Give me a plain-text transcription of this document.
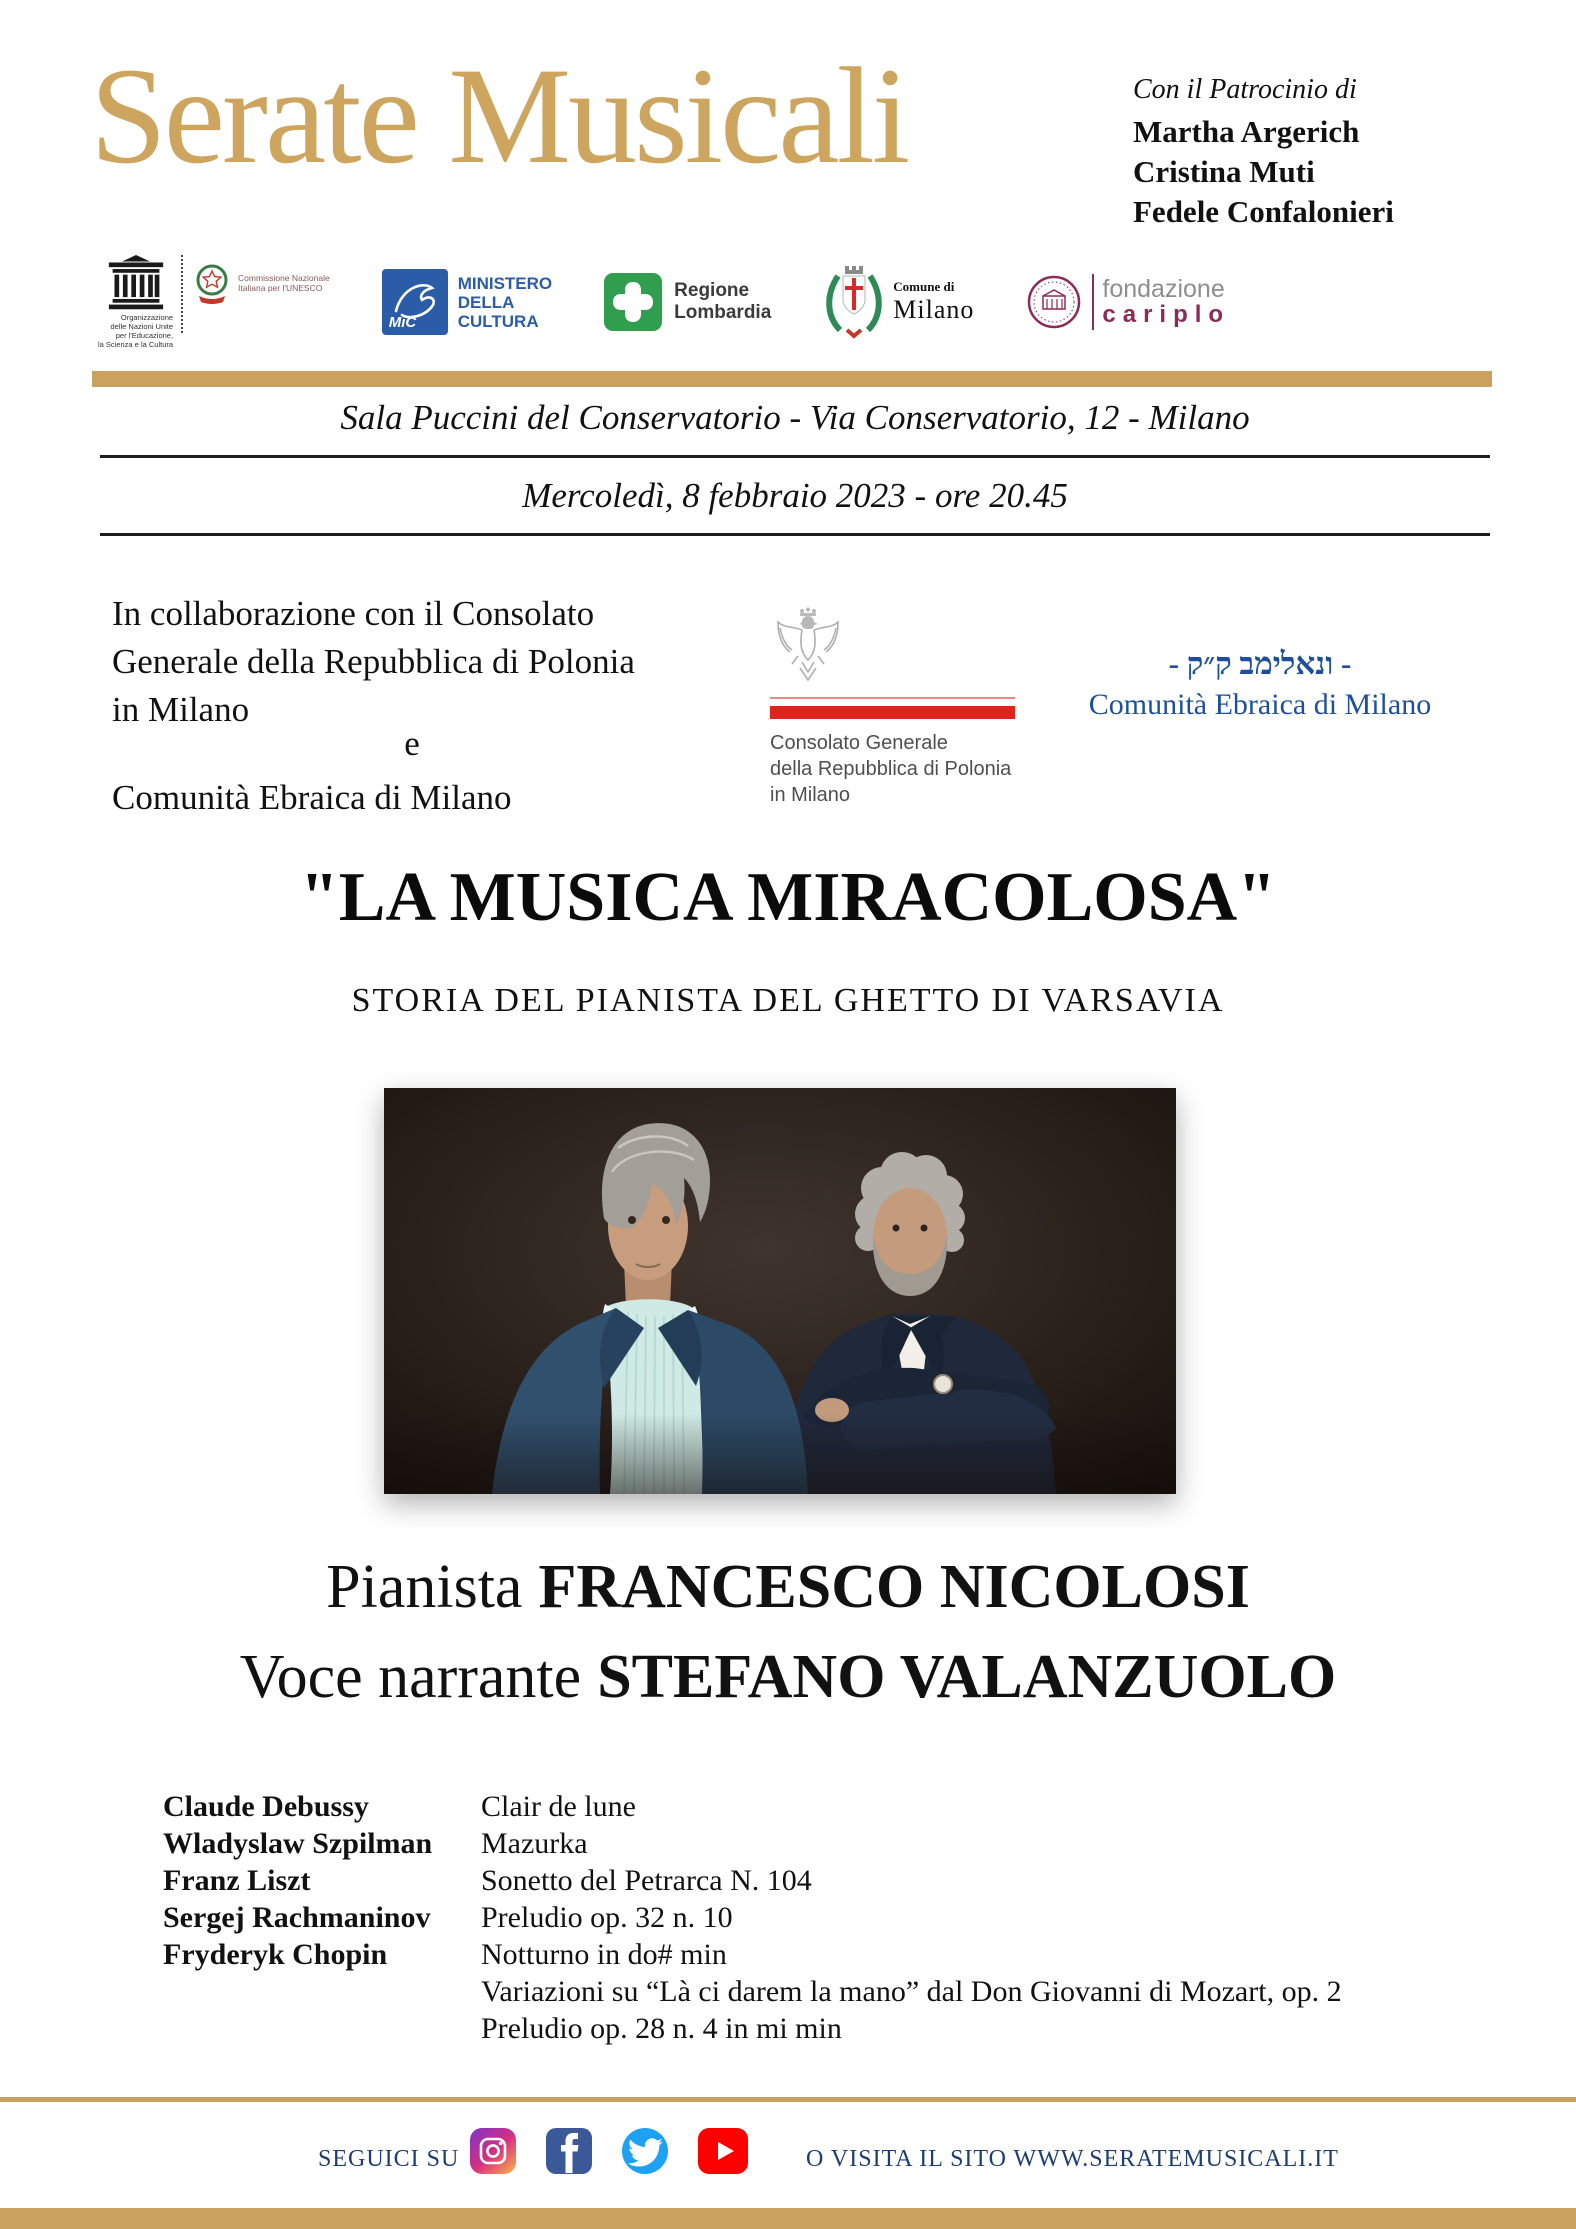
Serate Musicali	Con il Patrocinio di
Martha Argerich
Cristina Muti
Fedele Confalonieri
Organizzazione
delle Nazioni Unite
per l'Educazione,
la Scienza e la Cultura
Commissione Nazionale
Italiana per l'UNESCO
MiC
MINISTERO
DELLA
CULTURA
Regione
Lombardia
Comune di
Milano
fondazione
cariplo
Sala Puccini del Conservatorio - Via Conservatorio, 12 - Milano
Mercoledì, 8 febbraio 2023 - ore 20.45
In collaborazione con il Consolato
Generale della Repubblica di Polonia
in Milano
e
Comunità Ebraica di Milano
Consolato Generale
della Repubblica di Polonia
in Milano
- ק״ק במילאנו -
Comunità Ebraica di Milano
"LA MUSICA MIRACOLOSA"
STORIA DEL PIANISTA DEL GHETTO DI VARSAVIA
Pianista FRANCESCO NICOLOSI
Voce narrante STEFANO VALANZUOLO
Claude Debussy	Clair de lune
Wladyslaw Szpilman	Mazurka
Franz Liszt	Sonetto del Petrarca N. 104
Sergej Rachmaninov	Preludio op. 32 n. 10
Fryderyk Chopin	Notturno in do# min
Variazioni su “Là ci darem la mano” dal Don Giovanni di Mozart, op. 2
Preludio op. 28 n. 4 in mi min
SEGUICI SU	O VISITA IL SITO WWW.SERATEMUSICALI.IT
